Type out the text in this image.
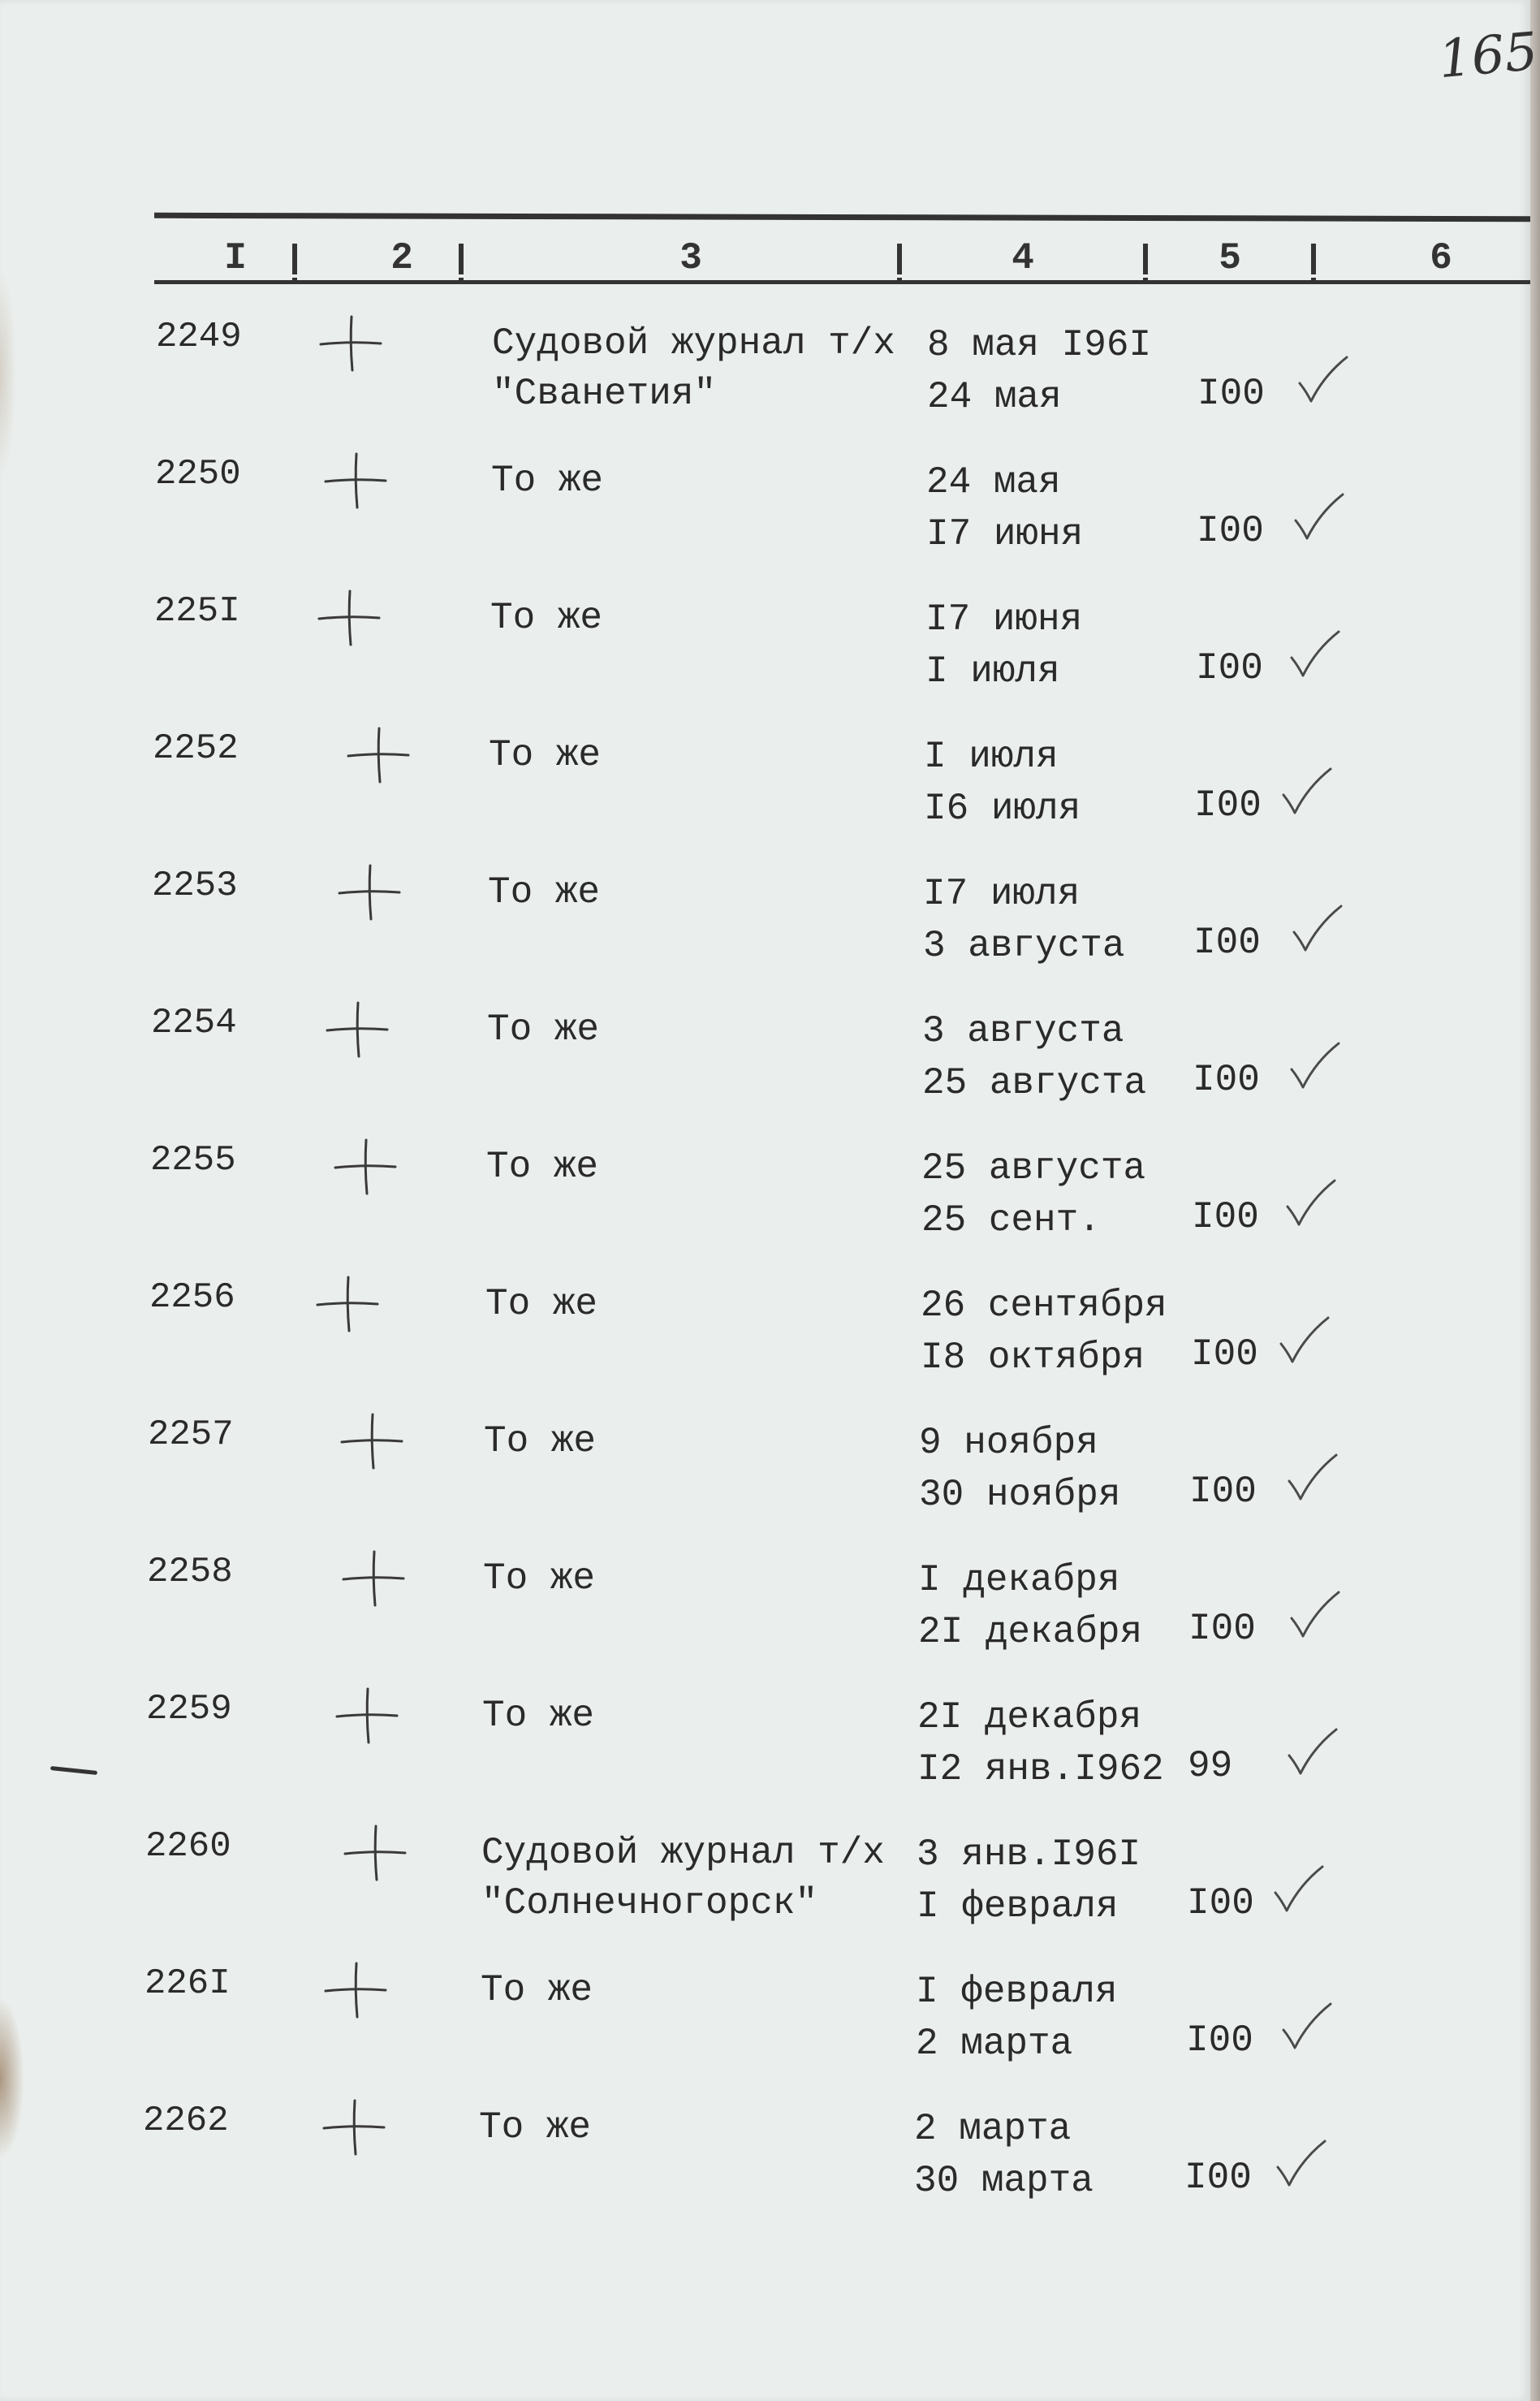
165
I	2	3	4	5	6
2249	Судовой журнал т/х
"Сванетия"
8 мая I96I
24 мая	I00
2250	То же	24 мая
I7 июня	I00
225I	То же	I7 июня
I июля	I00
2252	То же	I июля
I6 июля	I00
2253	То же	I7 июля
3 августа I00
2254	То же	3 августа
25 августа I00
2255	То же	25 августа
25 сент. I00
2256	То же	26 сентября
I8 октября I00
2257	То же	9 ноября
30 ноября I00
2258	То же	I декабря
2I декабря I00
2259	То же	2I декабря
I2 янв.I962 99
2260	Судовой журнал т/х
"Солнечногорск"
3 янв.I96I
I февраля I00
226I	То же	I февраля
2 марта	I00
2262	То же	2 марта
30 марта I00
